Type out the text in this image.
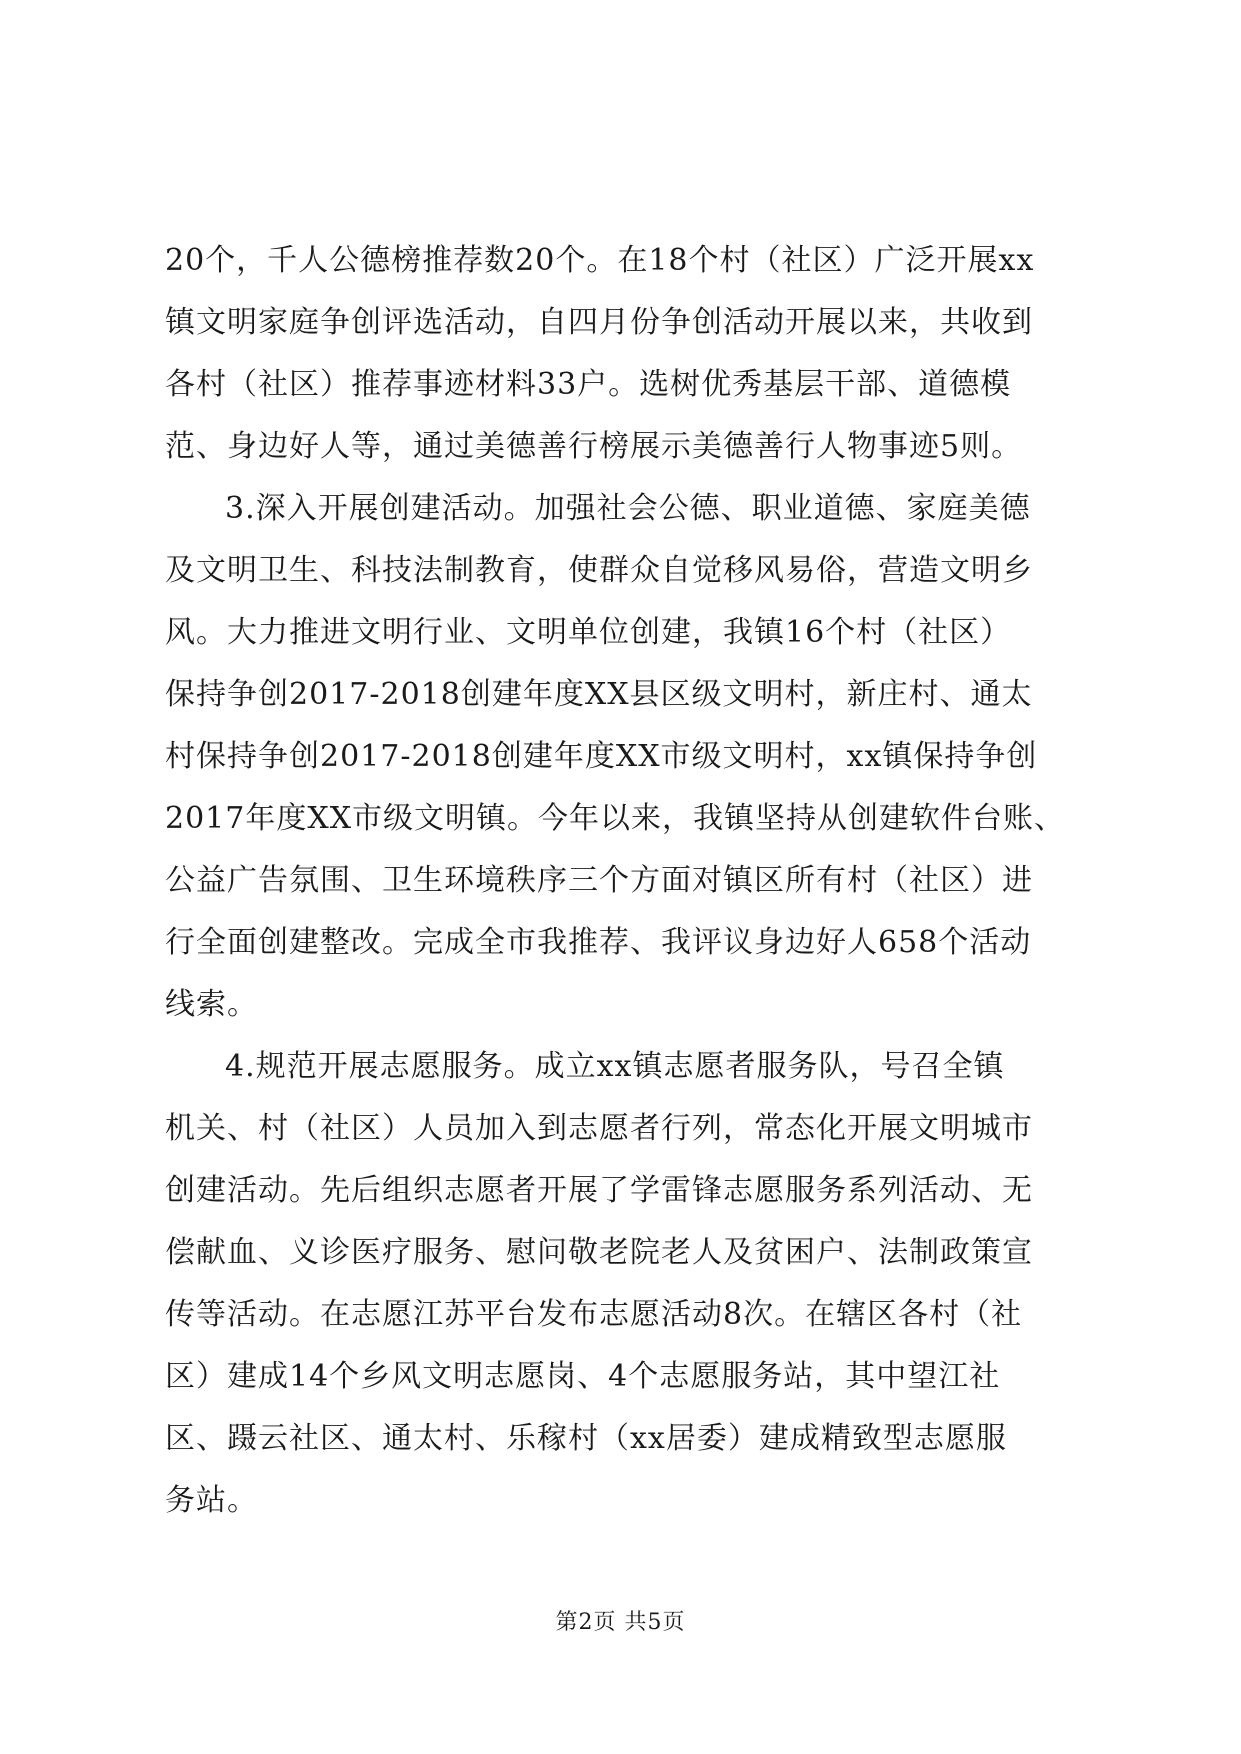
20个，千人公德榜推荐数20个。在18个村（社区）广泛开展xx
镇文明家庭争创评选活动，自四月份争创活动开展以来，共收到
各村（社区）推荐事迹材料33户。选树优秀基层干部、道德模
范、身边好人等，通过美德善行榜展示美德善行人物事迹5则。
3.深入开展创建活动。加强社会公德、职业道德、家庭美德
及文明卫生、科技法制教育，使群众自觉移风易俗，营造文明乡
风。大力推进文明行业、文明单位创建，我镇16个村（社区）
保持争创2017-2018创建年度XX县区级文明村，新庄村、通太
村保持争创2017-2018创建年度XX市级文明村，xx镇保持争创
2017年度XX市级文明镇。今年以来，我镇坚持从创建软件台账、
公益广告氛围、卫生环境秩序三个方面对镇区所有村（社区）进
行全面创建整改。完成全市我推荐、我评议身边好人658个活动
线索。
4.规范开展志愿服务。成立xx镇志愿者服务队，号召全镇
机关、村（社区）人员加入到志愿者行列，常态化开展文明城市
创建活动。先后组织志愿者开展了学雷锋志愿服务系列活动、无
偿献血、义诊医疗服务、慰问敬老院老人及贫困户、法制政策宣
传等活动。在志愿江苏平台发布志愿活动8次。在辖区各村（社
区）建成14个乡风文明志愿岗、4个志愿服务站，其中望江社
区、蹑云社区、通太村、乐稼村（xx居委）建成精致型志愿服
务站。
第2页 共5页
